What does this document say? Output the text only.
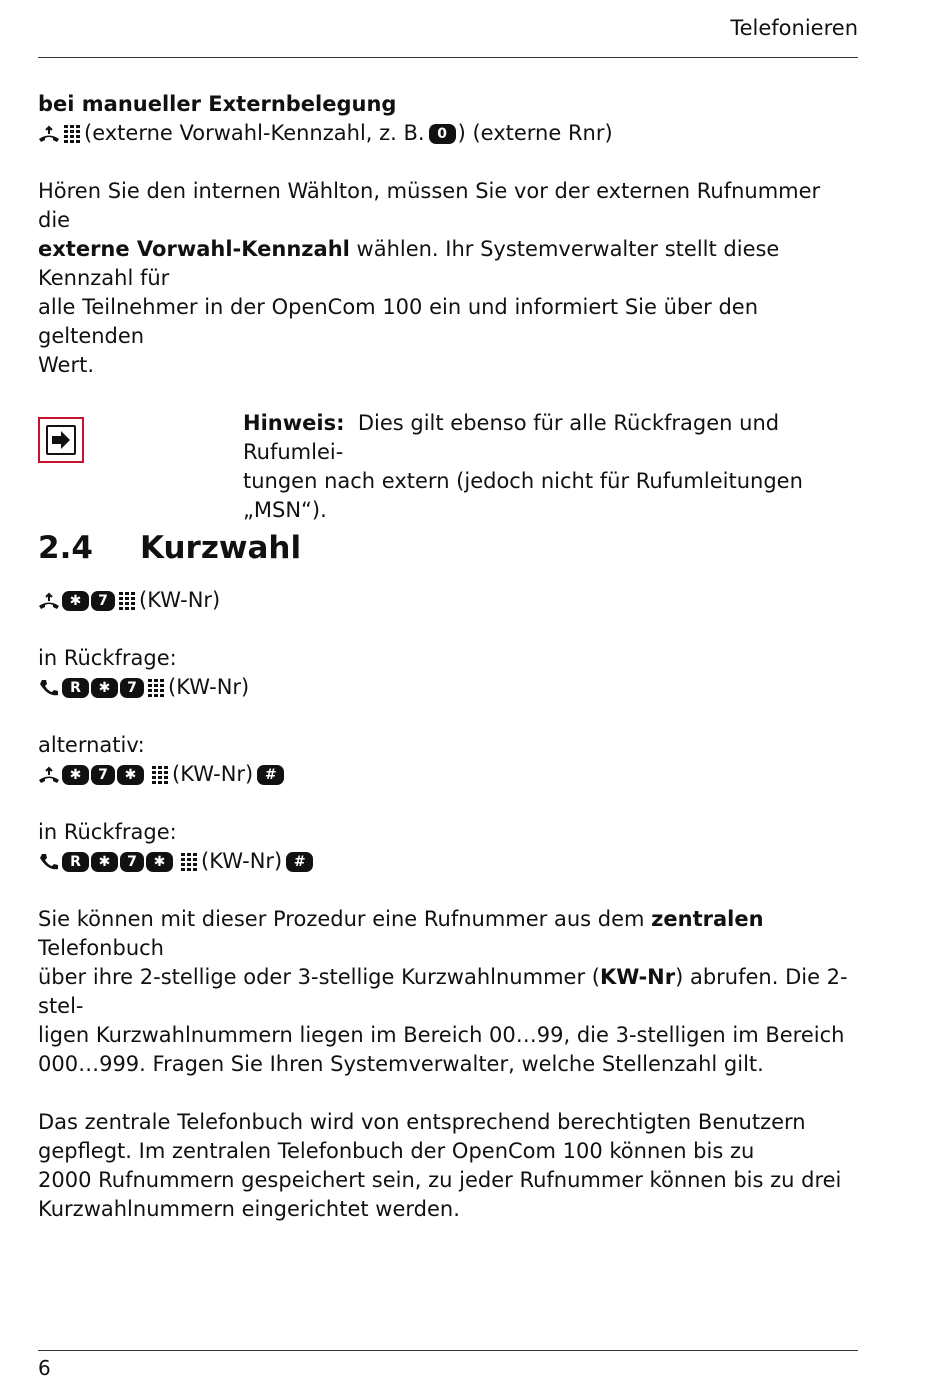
Telefonieren

bei manueller Externbelegung

(externe Vorwahl-Kennzahl, z. B. 0 ) (externe Rnr)

Hören Sie den internen Wählton, müssen Sie vor der externen Rufnummer die
externe Vorwahl-Kennzahl wählen. Ihr Systemverwalter stellt diese Kennzahl für
alle Teilnehmer in der OpenCom 100 ein und informiert Sie über den geltenden
Wert.

Hinweis: Dies gilt ebenso für alle Rückfragen und Rufumlei-
tungen nach extern (jedoch nicht für Rufumleitungen
„MSN“).
2.4	Kurzwahl
✱	7	(KW-Nr)

in Rückfrage:

R	✱	7	(KW-Nr)

alternativ:

✱	7	✱	(KW-Nr) #

in Rückfrage:

R	✱	7	✱	(KW-Nr) #

Sie können mit dieser Prozedur eine Rufnummer aus dem zentralen Telefonbuch
über ihre 2-stellige oder 3-stellige Kurzwahlnummer (KW-Nr) abrufen. Die 2-stel-
ligen Kurzwahlnummern liegen im Bereich 00…99, die 3-stelligen im Bereich
000…999. Fragen Sie Ihren Systemverwalter, welche Stellenzahl gilt.

Das zentrale Telefonbuch wird von entsprechend berechtigten Benutzern
gepflegt. Im zentralen Telefonbuch der OpenCom 100 können bis zu
2000 Rufnummern gespeichert sein, zu jeder Rufnummer können bis zu drei
Kurzwahlnummern eingerichtet werden.

6
